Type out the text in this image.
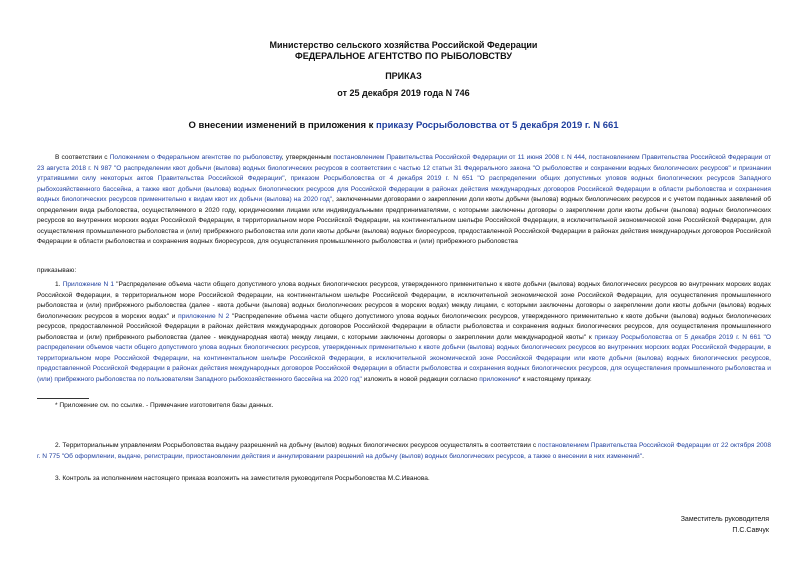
Министерство сельского хозяйства Российской Федерации
ФЕДЕРАЛЬНОЕ АГЕНТСТВО ПО РЫБОЛОВСТВУ
ПРИКАЗ
от 25 декабря 2019 года N 746
О внесении изменений в приложения к приказу Росрыболовства от 5 декабря 2019 г. N 661
В соответствии с Положением о Федеральном агентстве по рыболовству, утвержденным постановлением Правительства Российской Федерации от 11 июня 2008 г. N 444, постановлением Правительства Российской Федерации от 23 августа 2018 г. N 987 "О распределении квот добычи (вылова) водных биологических ресурсов в соответствии с частью 12 статьи 31 Федерального закона "О рыболовстве и сохранении водных биологических ресурсов" и признании утратившими силу некоторых актов Правительства Российской Федерации", приказом Росрыболовства от 4 декабря 2019 г. N 651 "О распределении общих допустимых уловов водных биологических ресурсов Западного рыбохозяйственного бассейна, а также квот добычи (вылова) водных биологических ресурсов для Российской Федерации в районах действия международных договоров Российской Федерации в области рыболовства и сохранения водных биологических ресурсов применительно к видам квот их добычи (вылова) на 2020 год", заключенными договорами о закреплении доли квоты добычи (вылова) водных биологических ресурсов и с учетом поданных заявлений об определении вида рыболовства, осуществляемого в 2020 году, юридическими лицами или индивидуальными предпринимателями, с которыми заключены договоры о закреплении доли квоты добычи (вылова) водных биологических ресурсов во внутренних морских водах Российской Федерации, в территориальном море Российской Федерации, на континентальном шельфе Российской Федерации, в исключительной экономической зоне Российской Федерации, для осуществления промышленного рыболовства и (или) прибрежного рыболовства или доли квоты добычи (вылова) водных биоресурсов, предоставленной Российской Федерации в районах действия международных договоров Российской Федерации в области рыболовства и сохранения водных биоресурсов, для осуществления промышленного рыболовства и (или) прибрежного рыболовства
приказываю:
1. Приложение N 1 "Распределение объема части общего допустимого улова водных биологических ресурсов, утвержденного применительно к квоте добычи (вылова) водных биологических ресурсов во внутренних морских водах Российской Федерации, в территориальном море Российской Федерации, на континентальном шельфе Российской Федерации, в исключительной экономической зоне Российской Федерации, для осуществления промышленного рыболовства и (или) прибрежного рыболовства (далее - квота добычи (вылова) водных биологических ресурсов в морских водах) между лицами, с которыми заключены договоры о закреплении доли квоты добычи (вылова) водных биологических ресурсов в морских водах" и приложение N 2 "Распределение объема части общего допустимого улова водных биологических ресурсов, утвержденного применительно к квоте добычи (вылова) водных биологических ресурсов, предоставленной Российской Федерации в районах действия международных договоров Российской Федерации в области рыболовства и сохранения водных биологических ресурсов, для осуществления промышленного рыболовства и (или) прибрежного рыболовства (далее - международная квота) между лицами, с которыми заключены договоры о закреплении доли международной квоты" к приказу Росрыболовства от 5 декабря 2019 г. N 661 "О распределении объемов части общего допустимого улова водных биологических ресурсов, утвержденных применительно к квоте добычи (вылова) водных биологических ресурсов во внутренних морских водах Российской Федерации, в территориальном море Российской Федерации, на континентальном шельфе Российской Федерации, в исключительной экономической зоне Российской Федерации или квоте добычи (вылова) водных биологических ресурсов, предоставленной Российской Федерации в районах действия международных договоров Российской Федерации в области рыболовства и сохранения водных биологических ресурсов, для осуществления промышленного рыболовства и (или) прибрежного рыболовства по пользователям Западного рыбохозяйственного бассейна на 2020 год" изложить в новой редакции согласно приложению* к настоящему приказу.
* Приложение см. по ссылке. - Примечание изготовителя базы данных.
2. Территориальным управлениям Росрыболовства выдачу разрешений на добычу (вылов) водных биологических ресурсов осуществлять в соответствии с постановлением Правительства Российской Федерации от 22 октября 2008 г. N 775 "Об оформлении, выдаче, регистрации, приостановлении действия и аннулировании разрешений на добычу (вылов) водных биологических ресурсов, а также о внесении в них изменений".
3. Контроль за исполнением настоящего приказа возложить на заместителя руководителя Росрыболовства М.С.Иванова.
Заместитель руководителя
П.С.Савчук
